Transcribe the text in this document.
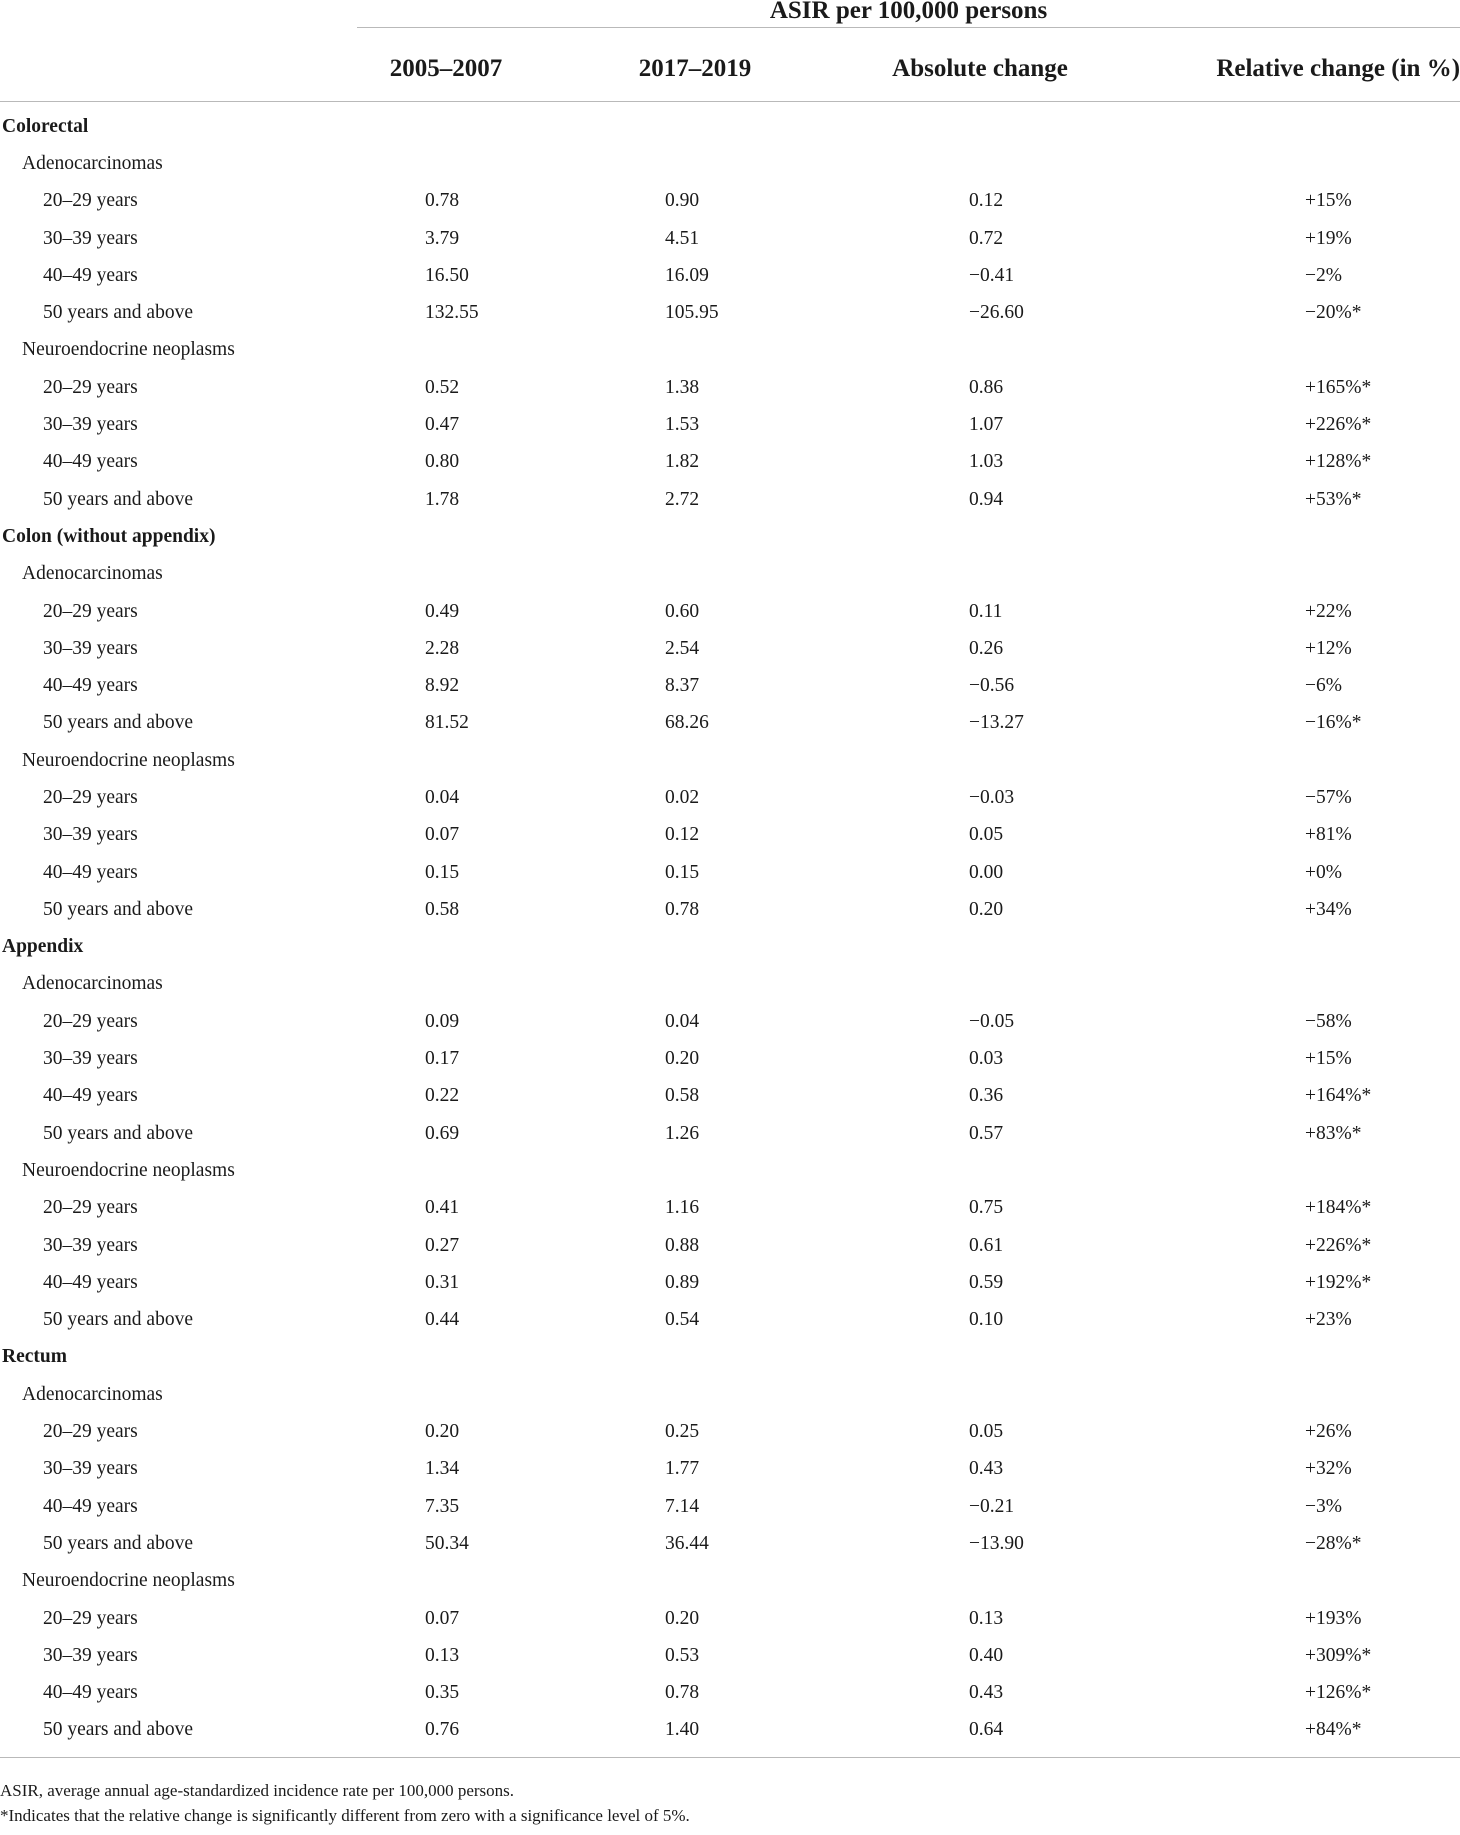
	ASIR per 100,000 persons			

	2005–2007	2017–2019	Absolute change	Relative change (in %)
Colorectal				
Adenocarcinomas				
20–29 years	0.78	0.90	0.12	+15%
30–39 years	3.79	4.51	0.72	+19%
40–49 years	16.50	16.09	−0.41	−2%
50 years and above	132.55	105.95	−26.60	−20%*
Neuroendocrine neoplasms				
20–29 years	0.52	1.38	0.86	+165%*
30–39 years	0.47	1.53	1.07	+226%*
40–49 years	0.80	1.82	1.03	+128%*
50 years and above	1.78	2.72	0.94	+53%*
Colon (without appendix)				
Adenocarcinomas				
20–29 years	0.49	0.60	0.11	+22%
30–39 years	2.28	2.54	0.26	+12%
40–49 years	8.92	8.37	−0.56	−6%
50 years and above	81.52	68.26	−13.27	−16%*
Neuroendocrine neoplasms				
20–29 years	0.04	0.02	−0.03	−57%
30–39 years	0.07	0.12	0.05	+81%
40–49 years	0.15	0.15	0.00	+0%
50 years and above	0.58	0.78	0.20	+34%
Appendix				
Adenocarcinomas				
20–29 years	0.09	0.04	−0.05	−58%
30–39 years	0.17	0.20	0.03	+15%
40–49 years	0.22	0.58	0.36	+164%*
50 years and above	0.69	1.26	0.57	+83%*
Neuroendocrine neoplasms				
20–29 years	0.41	1.16	0.75	+184%*
30–39 years	0.27	0.88	0.61	+226%*
40–49 years	0.31	0.89	0.59	+192%*
50 years and above	0.44	0.54	0.10	+23%
Rectum				
Adenocarcinomas				
20–29 years	0.20	0.25	0.05	+26%
30–39 years	1.34	1.77	0.43	+32%
40–49 years	7.35	7.14	−0.21	−3%
50 years and above	50.34	36.44	−13.90	−28%*
Neuroendocrine neoplasms				
20–29 years	0.07	0.20	0.13	+193%
30–39 years	0.13	0.53	0.40	+309%*
40–49 years	0.35	0.78	0.43	+126%*
50 years and above	0.76	1.40	0.64	+84%*

ASIR, average annual age-standardized incidence rate per 100,000 persons.

*Indicates that the relative change is significantly different from zero with a significance level of 5%.
